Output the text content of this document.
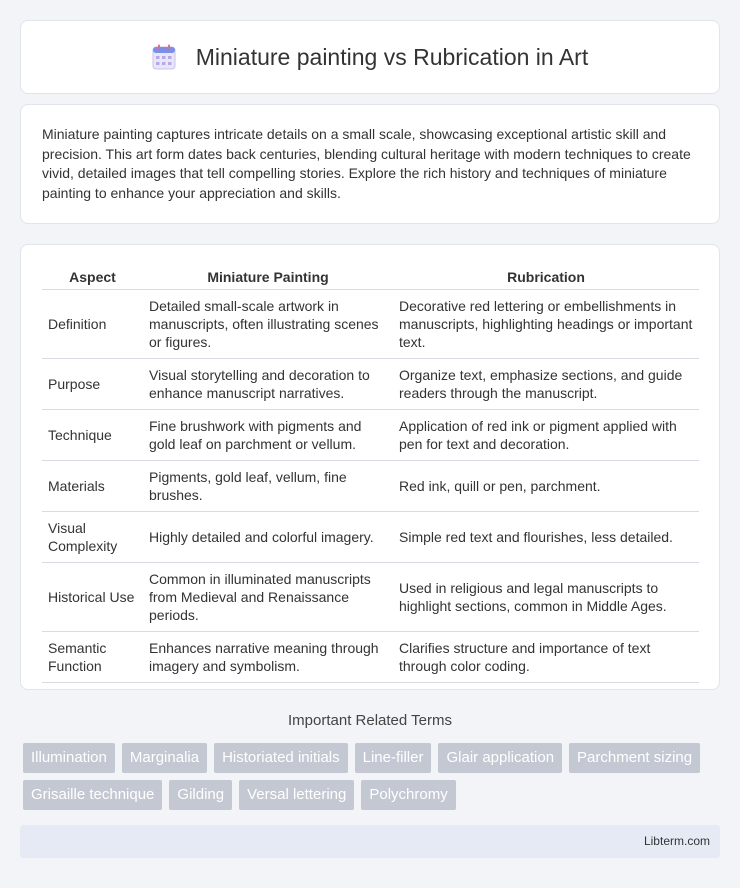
Miniature painting vs Rubrication in Art

Miniature painting captures intricate details on a small scale, showcasing exceptional artistic skill and precision. This art form dates back centuries, blending cultural heritage with modern techniques to create vivid, detailed images that tell compelling stories. Explore the rich history and techniques of miniature painting to enhance your appreciation and skills.

Aspect	Miniature Painting	Rubrication
Definition	Detailed small-scale artwork in manuscripts, often illustrating scenes or figures.	Decorative red lettering or embellishments in manuscripts, highlighting headings or important text.
Purpose	Visual storytelling and decoration to enhance manuscript narratives.	Organize text, emphasize sections, and guide readers through the manuscript.
Technique	Fine brushwork with pigments and gold leaf on parchment or vellum.	Application of red ink or pigment applied with pen for text and decoration.
Materials	Pigments, gold leaf, vellum, fine brushes.	Red ink, quill or pen, parchment.
Visual Complexity	Highly detailed and colorful imagery.	Simple red text and flourishes, less detailed.
Historical Use	Common in illuminated manuscripts from Medieval and Renaissance periods.	Used in religious and legal manuscripts to highlight sections, common in Middle Ages.
Semantic Function	Enhances narrative meaning through imagery and symbolism.	Clarifies structure and importance of text through color coding.
Important Related Terms
Illumination	Marginalia	Historiated initials	Line-filler	Glair application	Parchment sizing
Grisaille technique	Gilding	Versal lettering	Polychromy
Libterm.com
